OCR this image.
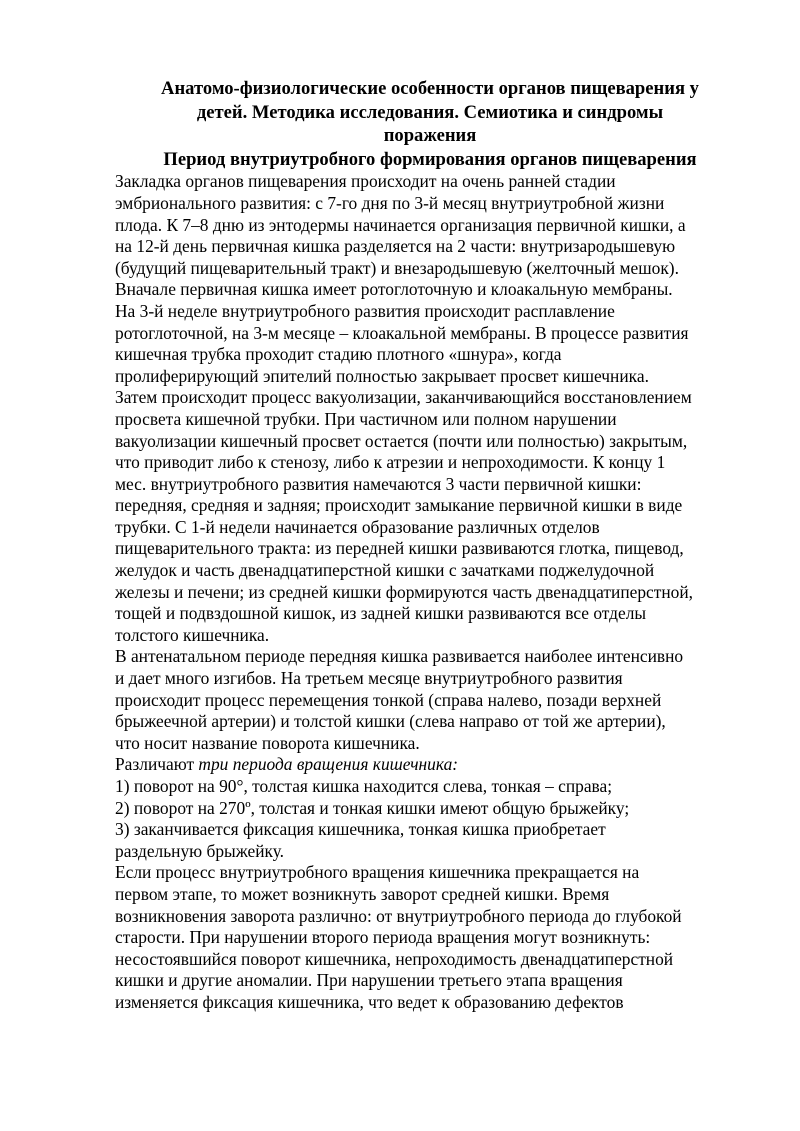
Анатомо-физиологические особенности органов пищеварения у
детей. Методика исследования. Семиотика и синдромы
поражения
Период внутриутробного формирования органов пищеварения
Закладка органов пищеварения происходит на очень ранней стадии
эмбрионального развития: с 7-го дня по 3-й месяц внутриутробной жизни
плода. К 7–8 дню из энтодермы начинается организация первичной кишки, а
на 12-й день первичная кишка разделяется на 2 части: внутризародышевую
(будущий пищеварительный тракт) и внезародышевую (желточный мешок).
Вначале первичная кишка имеет ротоглоточную и клоакальную мембраны.
На 3-й неделе внутриутробного развития происходит расплавление
ротоглоточной, на 3-м месяце – клоакальной мембраны. В процессе развития
кишечная трубка проходит стадию плотного «шнура», когда
пролиферирующий эпителий полностью закрывает просвет кишечника.
Затем происходит процесс вакуолизации, заканчивающийся восстановлением
просвета кишечной трубки. При частичном или полном нарушении
вакуолизации кишечный просвет остается (почти или полностью) закрытым,
что приводит либо к стенозу, либо к атрезии и непроходимости. К концу 1
мес. внутриутробного развития намечаются 3 части первичной кишки:
передняя, средняя и задняя; происходит замыкание первичной кишки в виде
трубки. С 1-й недели начинается образование различных отделов
пищеварительного тракта: из передней кишки развиваются глотка, пищевод,
желудок и часть двенадцатиперстной кишки с зачатками поджелудочной
железы и печени; из средней кишки формируются часть двенадцатиперстной,
тощей и подвздошной кишок, из задней кишки развиваются все отделы
толстого кишечника.
В антенатальном периоде передняя кишка развивается наиболее интенсивно
и дает много изгибов. На третьем месяце внутриутробного развития
происходит процесс перемещения тонкой (справа налево, позади верхней
брыжеечной артерии) и толстой кишки (слева направо от той же артерии),
что носит название поворота кишечника.
Различают три периода вращения кишечника:
1) поворот на 90°, толстая кишка находится слева, тонкая – справа;
2) поворот на 270º, толстая и тонкая кишки имеют общую брыжейку;
3) заканчивается фиксация кишечника, тонкая кишка приобретает
раздельную брыжейку.
Если процесс внутриутробного вращения кишечника прекращается на
первом этапе, то может возникнуть заворот средней кишки. Время
возникновения заворота различно: от внутриутробного периода до глубокой
старости. При нарушении второго периода вращения могут возникнуть:
несостоявшийся поворот кишечника, непроходимость двенадцатиперстной
кишки и другие аномалии. При нарушении третьего этапа вращения
изменяется фиксация кишечника, что ведет к образованию дефектов
